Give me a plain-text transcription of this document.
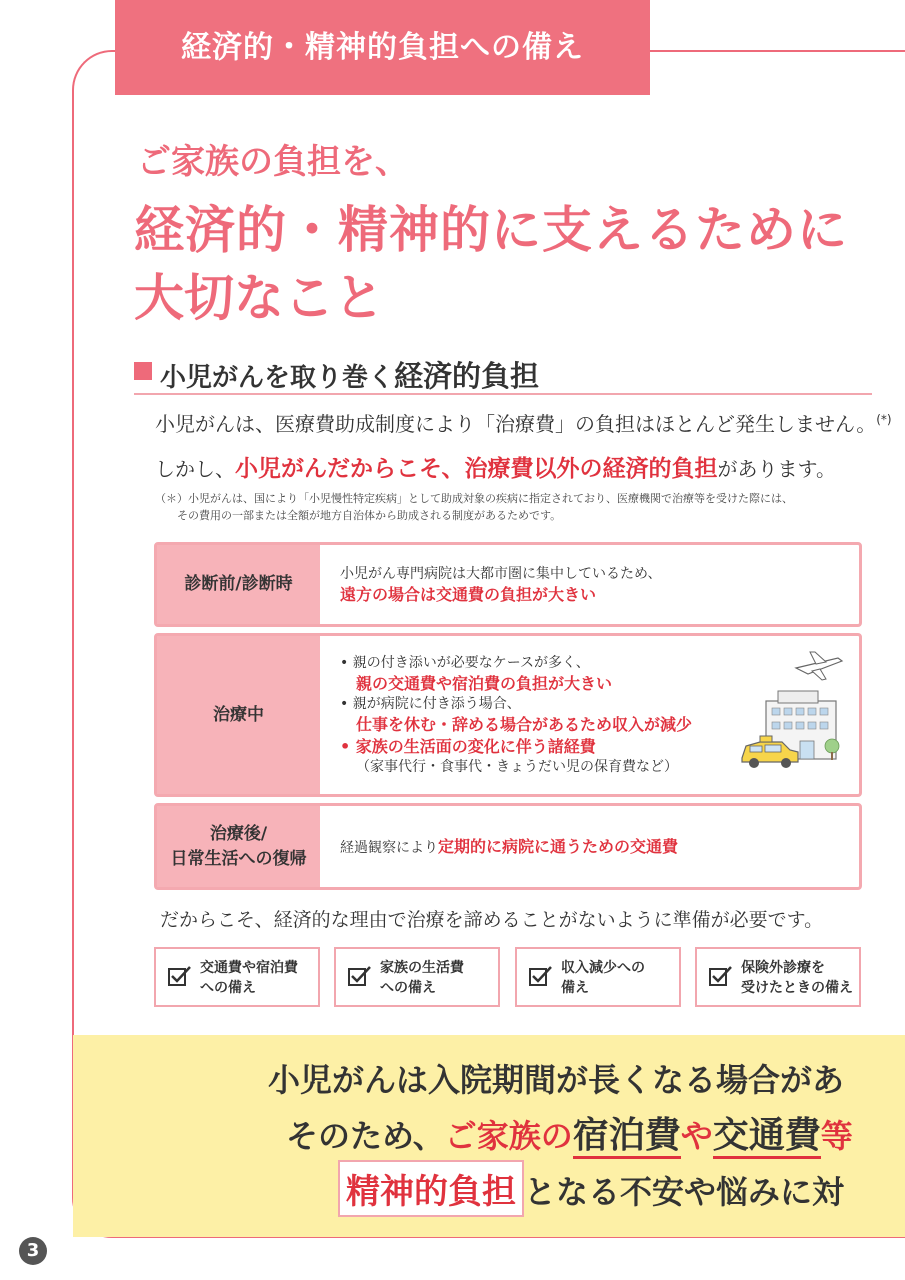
経済的・精神的負担への備え
ご家族の負担を、
経済的・精神的に支えるために
大切なこと
小児がんを取り巻く経済的負担
小児がんは、医療費助成制度により「治療費」の負担はほとんど発生しません。(*)
しかし、小児がんだからこそ、治療費以外の経済的負担があります。
（＊）小児がんは、国により「小児慢性特定疾病」として助成対象の疾病に指定されており、医療機関で治療等を受けた際には、
その費用の一部または全額が地方自治体から助成される制度があるためです。
診断前/診断時
小児がん専門病院は大都市圏に集中しているため、
遠方の場合は交通費の負担が大きい
治療中
• 親の付き添いが必要なケースが多く、
親の交通費や宿泊費の負担が大きい
• 親が病院に付き添う場合、
仕事を休む・辞める場合があるため収入が減少
• 家族の生活面の変化に伴う諸経費
（家事代行・食事代・きょうだい児の保育費など）
治療後/
日常生活への復帰
経過観察により定期的に病院に通うための交通費
だからこそ、経済的な理由で治療を諦めることがないように準備が必要です。
交通費や宿泊費
への備え
家族の生活費
への備え
収入減少への
備え
保険外診療を
受けたときの備え
小児がんは入院期間が長くなる場合があ
そのため、ご家族の宿泊費や交通費等
精神的負担 となる不安や悩みに対
3
